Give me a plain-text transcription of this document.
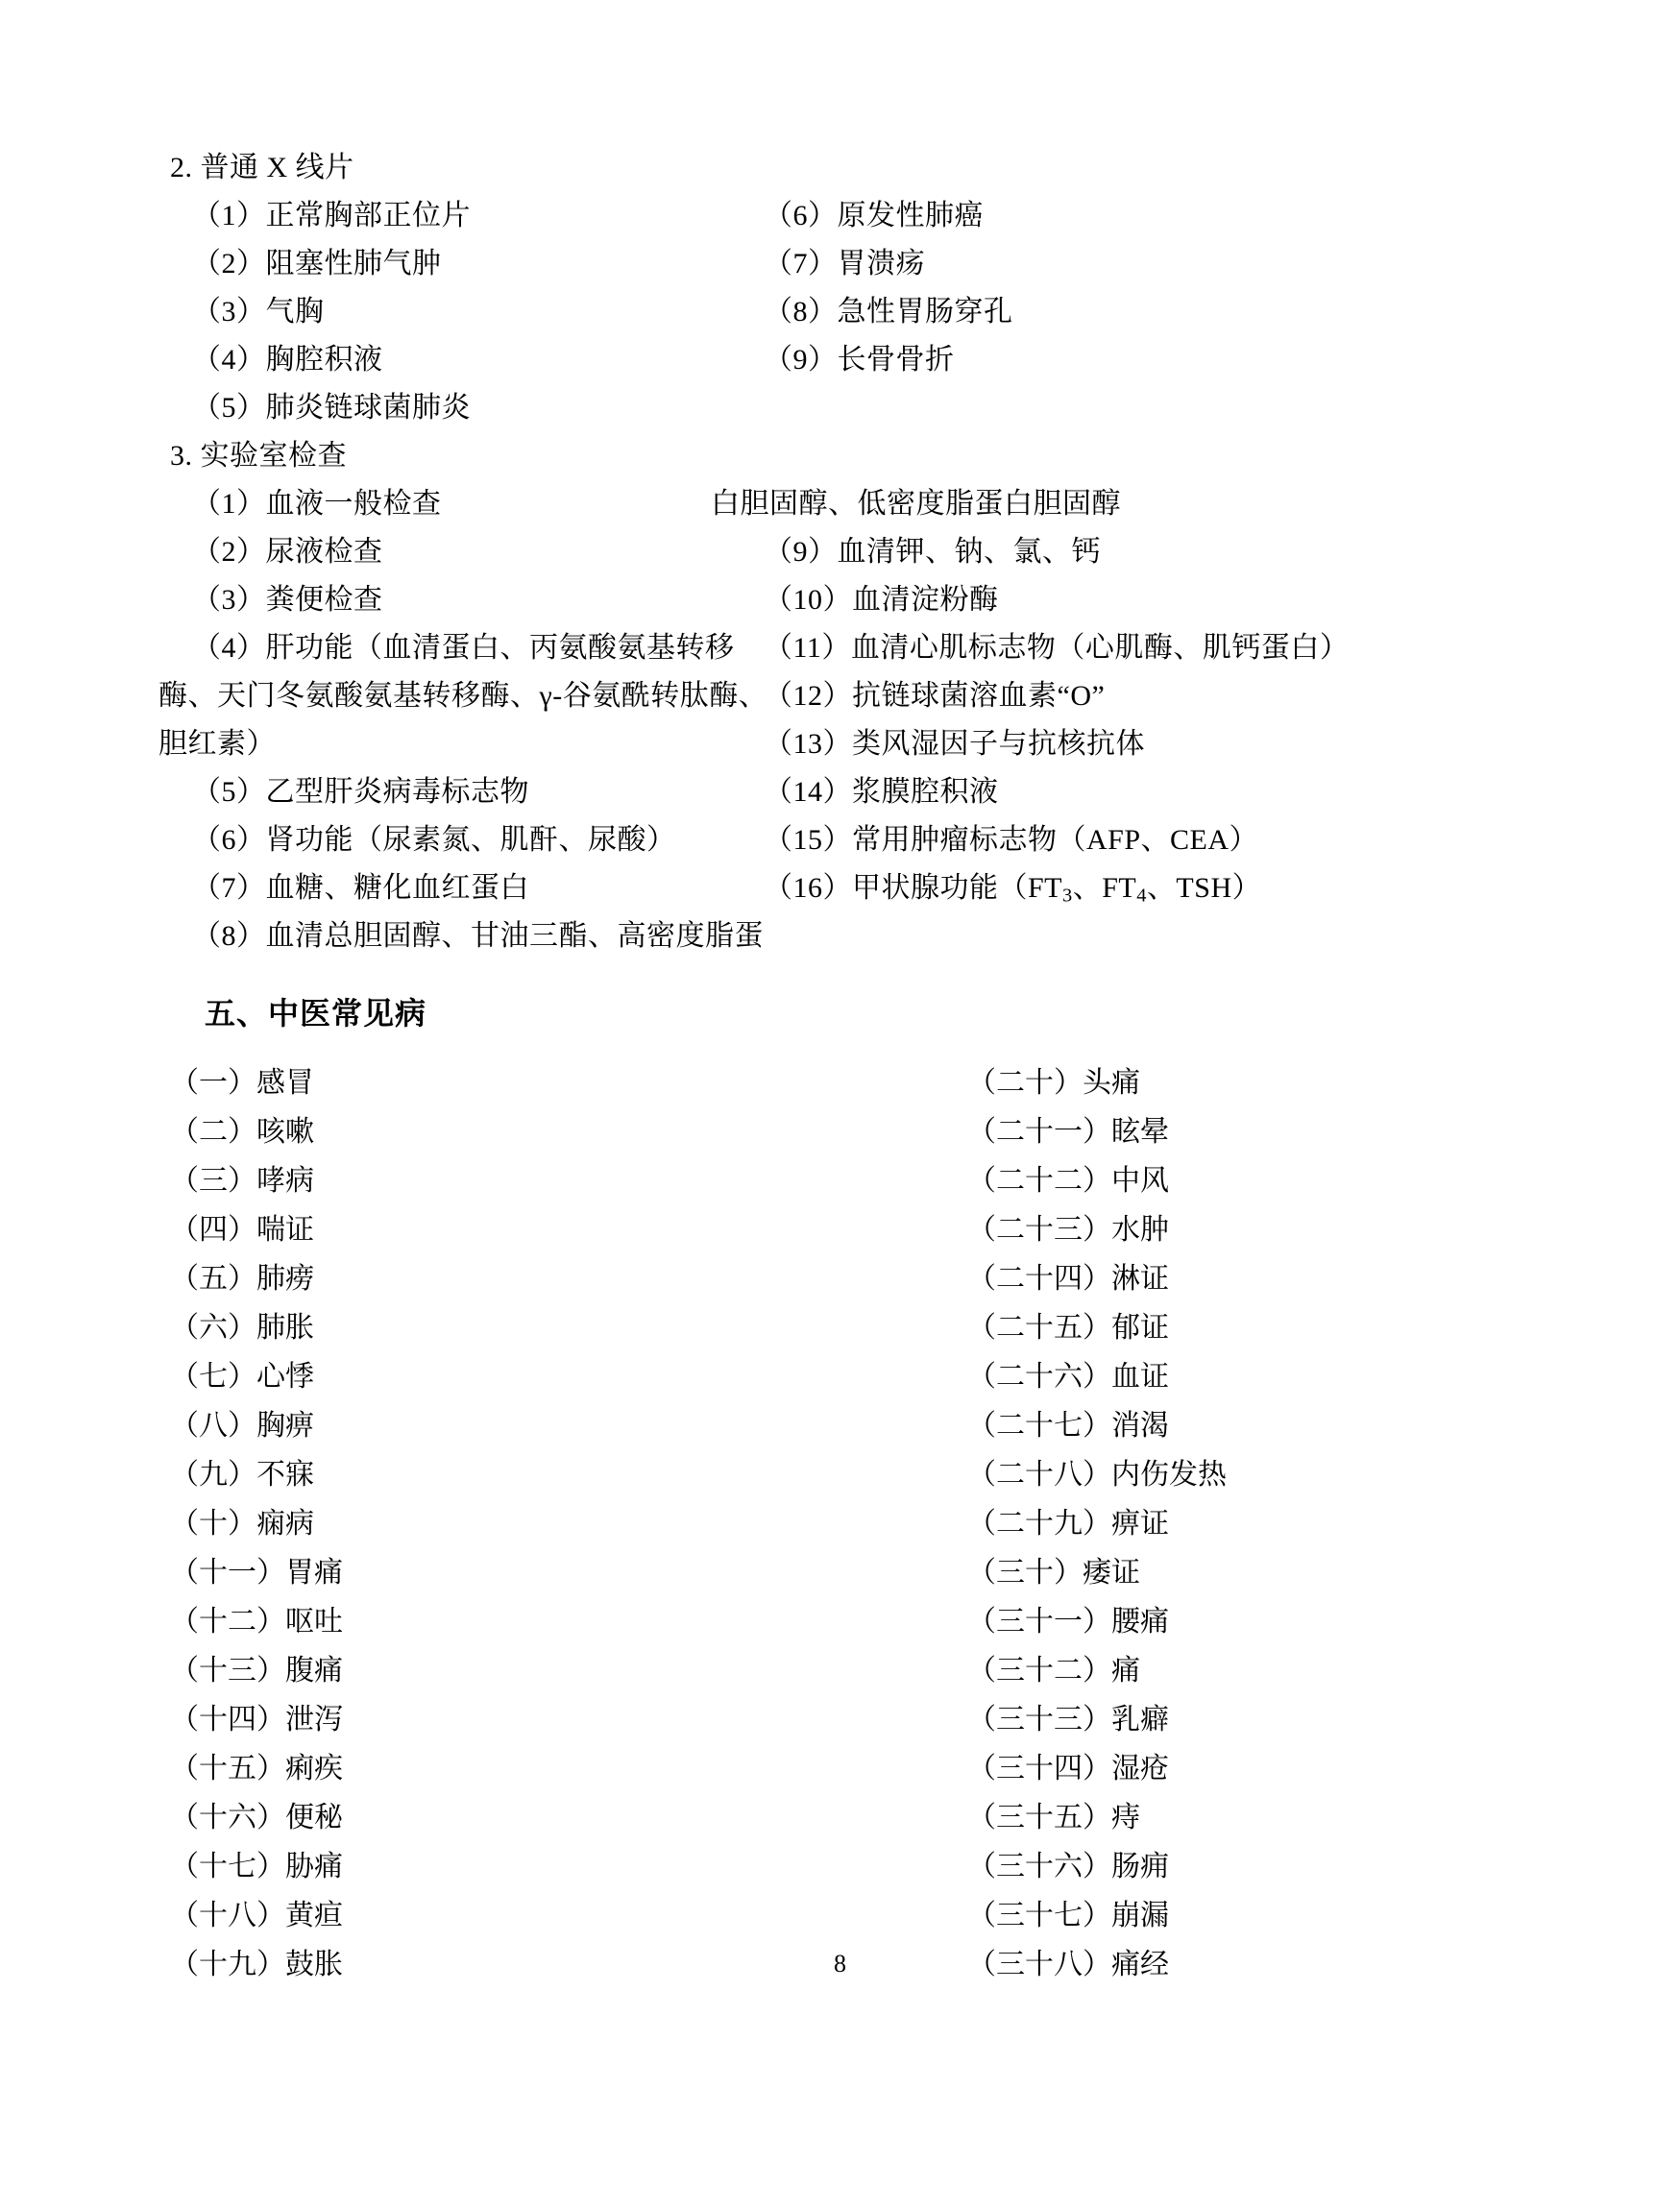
2. 普通 X 线片
（1）正常胸部正位片
（2）阻塞性肺气肿
（3）气胸
（4）胸腔积液
（5）肺炎链球菌肺炎
（6）原发性肺癌
（7）胃溃疡
（8）急性胃肠穿孔
（9）长骨骨折
3. 实验室检查
（1）血液一般检查
（2）尿液检查
（3）粪便检查
（4）肝功能（血清蛋白、丙氨酸氨基转移
酶、天门冬氨酸氨基转移酶、γ-谷氨酰转肽酶、
胆红素）
（5）乙型肝炎病毒标志物
（6）肾功能（尿素氮、肌酐、尿酸）
（7）血糖、糖化血红蛋白
（8）血清总胆固醇、甘油三酯、高密度脂蛋
白胆固醇、低密度脂蛋白胆固醇
（9）血清钾、钠、氯、钙
（10）血清淀粉酶
（11）血清心肌标志物（心肌酶、肌钙蛋白）
（12）抗链球菌溶血素“O”
（13）类风湿因子与抗核抗体
（14）浆膜腔积液
（15）常用肿瘤标志物（AFP、CEA）
（16）甲状腺功能（$FT_3$、$FT_4$、TSH）
五、中医常见病
（一）感冒	（二十）头痛
（二）咳嗽	（二十一）眩晕
（三）哮病	（二十二）中风
（四）喘证	（二十三）水肿
（五）肺痨	（二十四）淋证
（六）肺胀	（二十五）郁证
（七）心悸	（二十六）血证
（八）胸痹	（二十七）消渴
（九）不寐	（二十八）内伤发热
（十）痫病	（二十九）痹证
（十一）胃痛	（三十）痿证
（十二）呕吐	（三十一）腰痛
（十三）腹痛	（三十二）痛
（十四）泄泻	（三十三）乳癖
（十五）痢疾	（三十四）湿疮
（十六）便秘	（三十五）痔
（十七）胁痛	（三十六）肠痈
（十八）黄疸	（三十七）崩漏
（十九）鼓胀	（三十八）痛经
8
